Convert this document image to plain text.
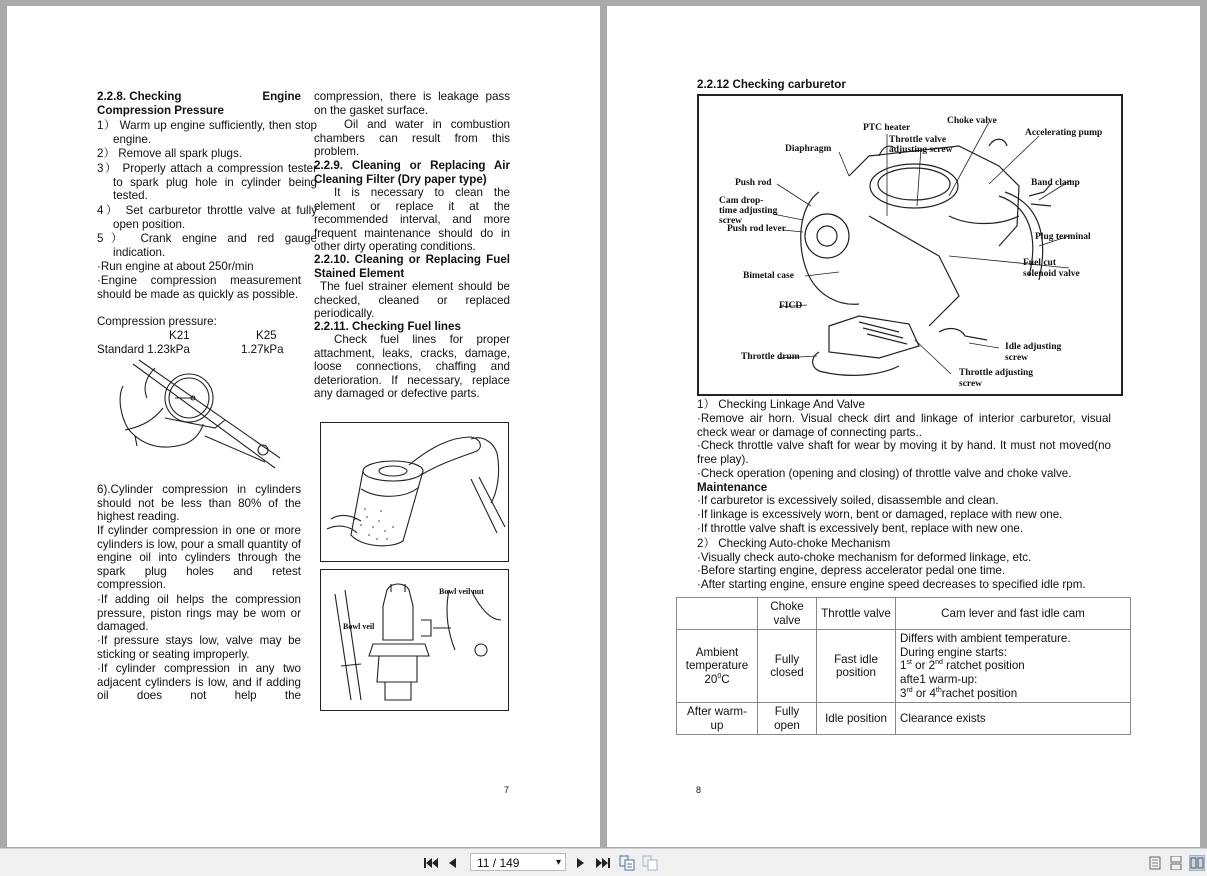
2.2.8. Checking	Engine
Compression Pressure
1） Warm up engine sufficiently, then stop engine.
2） Remove all spark plugs.
3） Properly attach a compression tester to spark plug hole in cylinder being tested.
4） Set carburetor throttle valve at fully open position.
5） Crank engine and red gauge indication.
·Run engine at about 250r/min
·Engine compression measurement should be made as quickly as possible.
Compression pressure:
K21	K25
Standard 1.23kPa	1.27kPa
6).Cylinder compression in cylinders should not be less than 80% of the highest reading.
If cylinder compression in one or more cylinders is low, pour a small quantity of engine oil into cylinders through the spark plug holes and retest compression.
·If adding oil helps the compression pressure, piston rings may be wom or damaged.
·If pressure stays low, valve may be sticking or seating improperly.
·If cylinder compression in any two adjacent cylinders is low, and if adding oil does not help the
compression, there is leakage pass on the gasket surface.
Oil and water in combustion chambers can result from this problem.
2.2.9. Cleaning or Replacing Air Cleaning Filter (Dry paper type)
It is necessary to clean the element or replace it at the recommended interval, and more frequent maintenance should do in other dirty operating conditions.
2.2.10. Cleaning or Replacing Fuel Stained Element
The fuel strainer element should be checked, cleaned or replaced periodically.
2.2.11. Checking Fuel lines
Check fuel lines for proper attachment, leaks, cracks, damage, loose connections, chaffing and deterioration. If necessary, replace any damaged or defective parts.
Bowl veil nut
Bowl veil
7
2.2.12 Checking carburetor
PTC heater
Choke valve
Throttle valve
adjusting screw
Accelerating pump
Diaphragm
Push rod	Band clamp
Cam drop-
time adjusting
screw
Push rod lever
Plug terminal
Fuel cut
solenoid valve
Bimetal case
FICD
Idle adjusting
screw
Throttle drum
Throttle adjusting
screw
1） Checking Linkage And Valve
·Remove air horn. Visual check dirt and linkage of interior carburetor, visual check wear or damage of connecting parts..
·Check throttle valve shaft for wear by moving it by hand. It must not moved(no free play).
·Check operation (opening and closing) of throttle valve and choke valve.
Maintenance
·If carburetor is excessively soiled, disassemble and clean.
·If linkage is excessively worn, bent or damaged, replace with new one.
·If throttle valve shaft is excessively bent, replace with new one.
2） Checking Auto-choke Mechanism
·Visually check auto-choke mechanism for deformed linkage, etc.
·Before starting engine, depress accelerator pedal one time.
·After starting engine, ensure engine speed decreases to specified idle rpm.
	Choke valve	Throttle valve	Cam lever and fast idle cam
Ambient
temperature $20^0C$	Fully closed	Fast idle position	
Differs with ambient temperature.
During engine starts:
1st or 2nd ratchet position
afte1 warm-up:
3rd or 4thrachet position

After warm-up	Fully open	Idle position	Clearance exists
8
11 / 149	▾
